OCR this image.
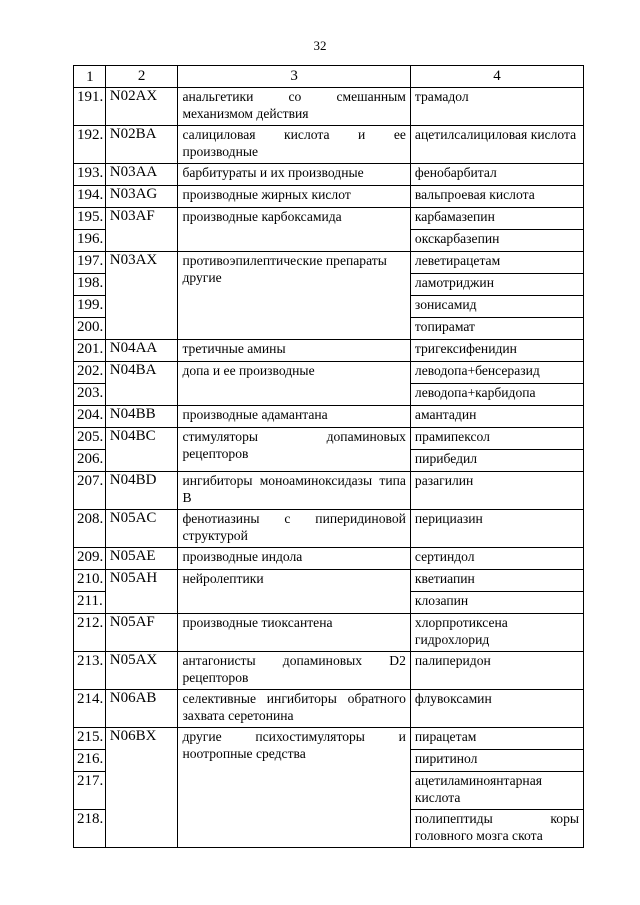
32
1	2	3	4
191.	N02AX	анальгетики со смешанным механизмом действия	трамадол
192.	N02BA	салициловая кислота и ее производные	ацетилсалициловая кислота
193.	N03AA	барбитураты и их производные	фенобарбитал
194.	N03AG	производные жирных кислот	вальпроевая кислота
195.	N03AF	производные карбоксамида	карбамазепин
196.			окскарбазепин
197.	N03AX	противоэпилептические препараты другие	леветирацетам
198.			ламотриджин
199.			зонисамид
200.			топирамат
201.	N04AA	третичные амины	тригексифенидин
202.	N04BA	допа и ее производные	леводопа+бенсеразид
203.			леводопа+карбидопа
204.	N04BB	производные адамантана	амантадин
205.	N04BC	стимуляторы допаминовых рецепторов	прамипексол
206.			пирибедил
207.	N04BD	ингибиторы моноаминоксидазы типа В	разагилин
208.	N05AC	фенотиазины с пиперидиновой структурой	перициазин
209.	N05AE	производные индола	сертиндол
210.	N05AH	нейролептики	кветиапин
211.			клозапин
212.	N05AF	производные тиоксантена	хлорпротиксена гидрохлорид
213.	N05AX	антагонисты допаминовых D2 рецепторов	палиперидон
214.	N06AB	селективные ингибиторы обратного захвата серетонина	флувоксамин
215.	N06BX	другие психостимуляторы и ноотропные средства	пирацетам
216.			пиритинол
217.			ацетиламиноянтарная кислота
218.			полипептиды коры головного мозга скота
